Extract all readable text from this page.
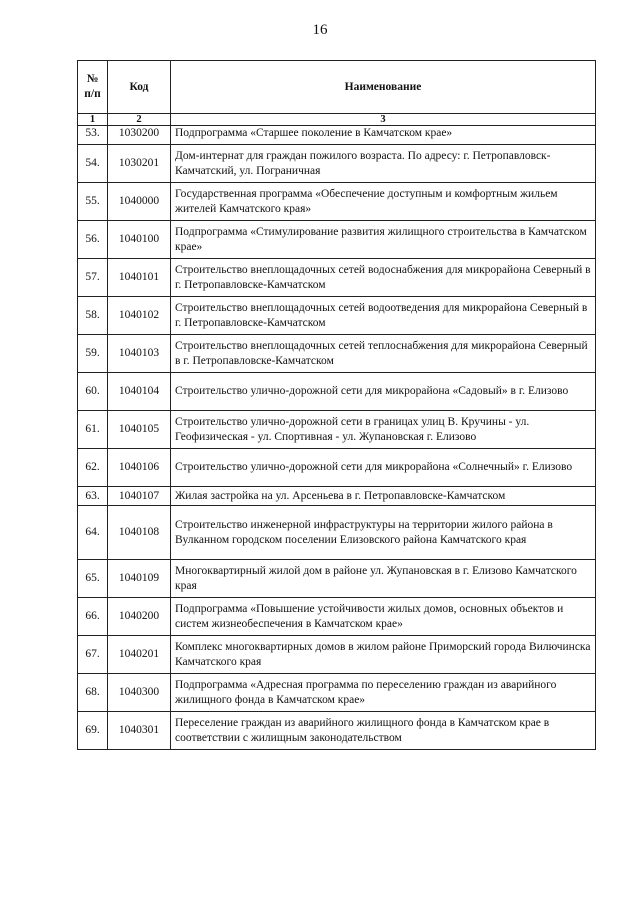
16
№ п/п	Код	Наименование
1	2	3
53.	1030200	Подпрограмма «Старшее поколение в Камчатском крае»
54.	1030201	Дом-интернат для граждан пожилого возраста. По адресу: г. Петропавловск-Камчатский, ул. Пограничная
55.	1040000	Государственная программа «Обеспечение доступным и комфортным жильем жителей Камчатского края»
56.	1040100	Подпрограмма «Стимулирование развития жилищного строительства в Камчатском крае»
57.	1040101	Строительство внеплощадочных сетей водоснабжения для микрорайона Северный в г. Петропавловске-Камчатском
58.	1040102	Строительство внеплощадочных сетей водоотведения для микрорайона Северный в г. Петропавловске-Камчатском
59.	1040103	Строительство внеплощадочных сетей теплоснабжения для микрорайона Северный в г. Петропавловске-Камчатском
60.	1040104	Строительство улично-дорожной сети для микрорайона «Садовый» в г. Елизово
61.	1040105	Строительство улично-дорожной сети в границах улиц В. Кручины - ул. Геофизическая - ул. Спортивная - ул. Жупановская г. Елизово
62.	1040106	Строительство улично-дорожной сети для микрорайона «Солнечный» г. Елизово
63.	1040107	Жилая застройка на ул. Арсеньева в г. Петропавловске-Камчатском
64.	1040108	Строительство инженерной инфраструктуры на территории жилого района в Вулканном городском поселении Елизовского района Камчатского края
65.	1040109	Многоквартирный жилой дом в районе ул. Жупановская в г. Елизово Камчатского края
66.	1040200	Подпрограмма «Повышение устойчивости жилых домов, основных объектов и систем жизнеобеспечения в Камчатском крае»
67.	1040201	Комплекс многоквартирных домов в жилом районе Приморский города Вилючинска Камчатского края
68.	1040300	Подпрограмма «Адресная программа по переселению граждан из аварийного жилищного фонда в Камчатском крае»
69.	1040301	Переселение граждан из аварийного жилищного фонда в Камчатском крае в соответствии с жилищным законодательством
